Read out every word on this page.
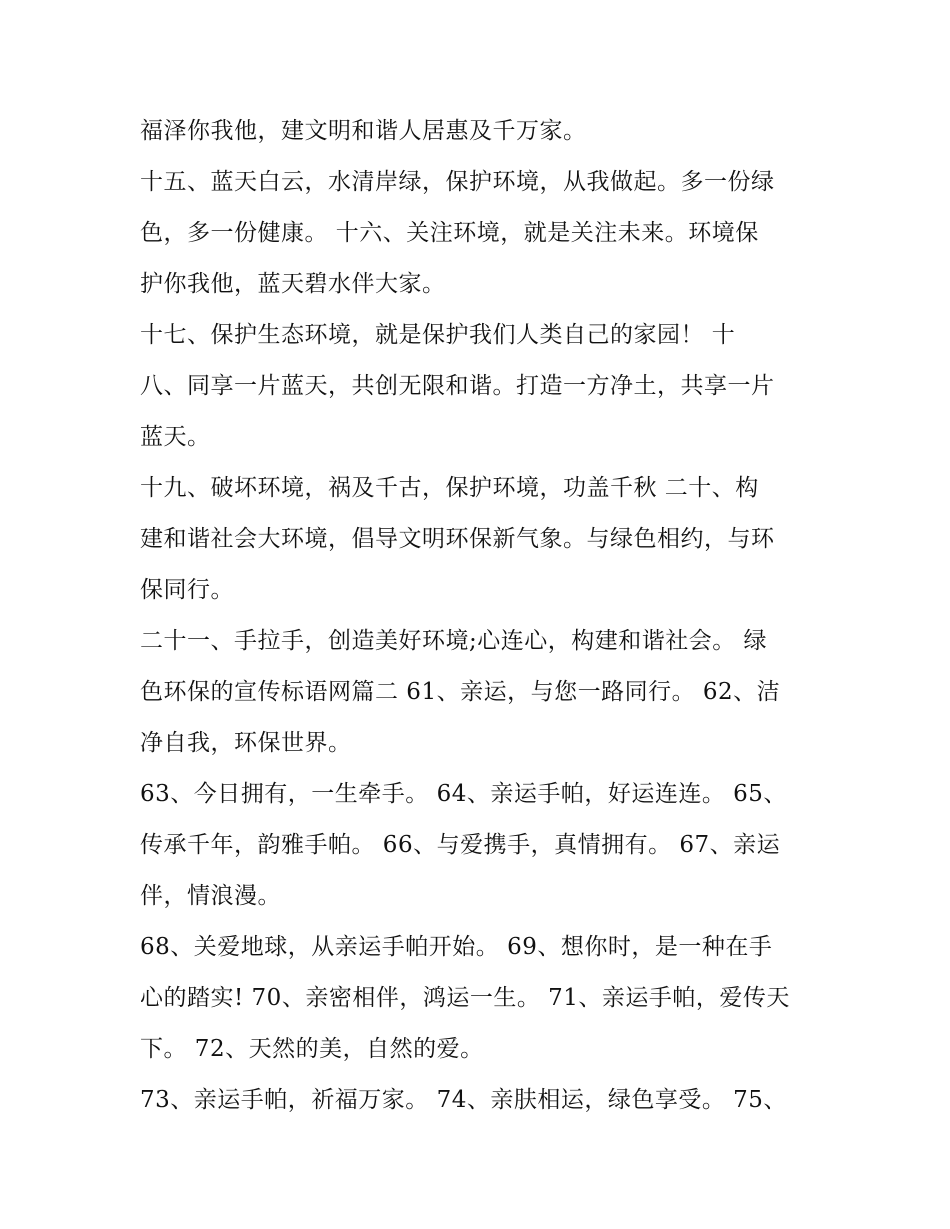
福泽你我他，建文明和谐人居惠及千万家。
十五、蓝天白云，水清岸绿，保护环境，从我做起。多一份绿
色，多一份健康。 十六、关注环境，就是关注未来。环境保
护你我他，蓝天碧水伴大家。
十七、保护生态环境，就是保护我们人类自己的家园！ 十
八、同享一片蓝天，共创无限和谐。打造一方净土，共享一片
蓝天。
十九、破坏环境，祸及千古，保护环境，功盖千秋 二十、构
建和谐社会大环境，倡导文明环保新气象。与绿色相约，与环
保同行。
二十一、手拉手，创造美好环境;心连心，构建和谐社会。 绿
色环保的宣传标语网篇二 61、亲运，与您一路同行。 62、洁
净自我，环保世界。
63、今日拥有，一生牵手。 64、亲运手帕，好运连连。 65、
传承千年，韵雅手帕。 66、与爱携手，真情拥有。 67、亲运
伴，情浪漫。
68、关爱地球，从亲运手帕开始。 69、想你时，是一种在手
心的踏实! 70、亲密相伴，鸿运一生。 71、亲运手帕，爱传天
下。 72、天然的美，自然的爱。
73、亲运手帕，祈福万家。 74、亲肤相运，绿色享受。 75、
